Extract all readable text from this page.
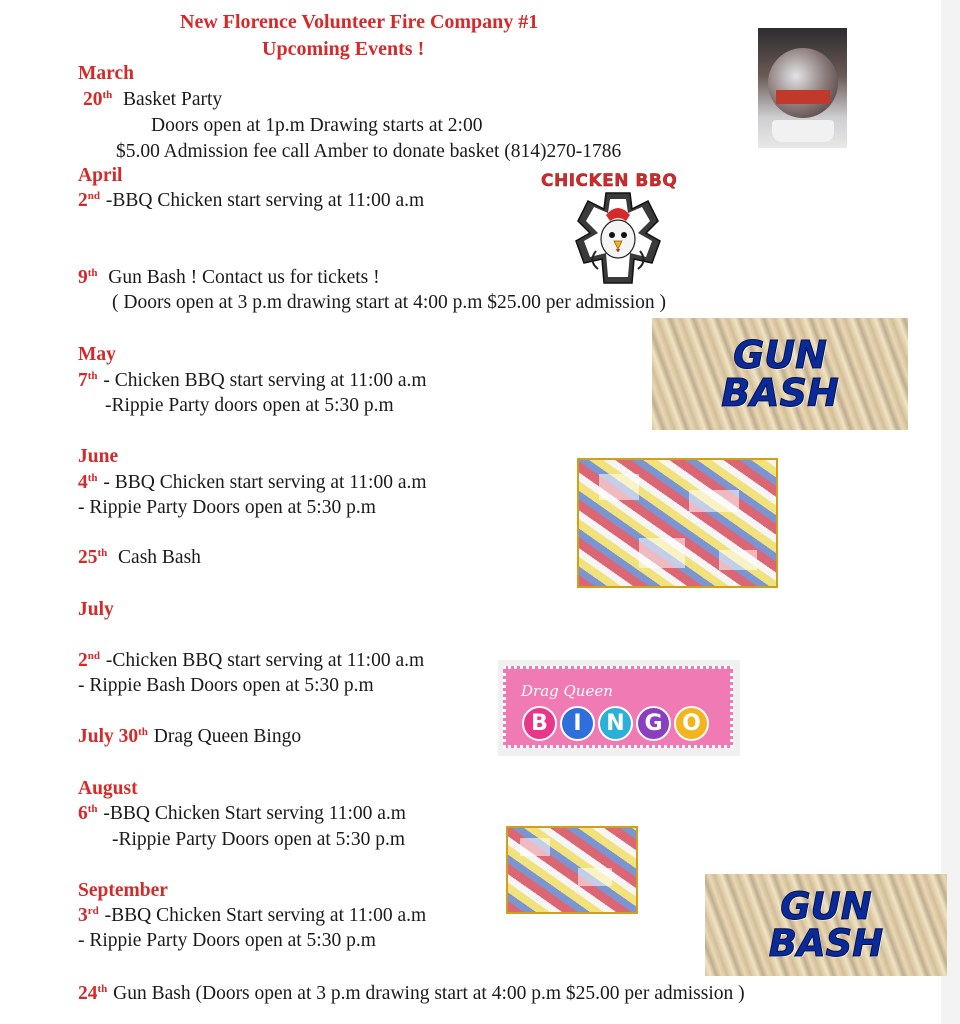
New Florence Volunteer Fire Company #1
Upcoming Events !
March
20th Basket Party
Doors open at 1p.m Drawing starts at 2:00
$5.00 Admission fee call Amber to donate basket (814)270-1786
April
2nd -BBQ Chicken start serving at 11:00 a.m
9th Gun Bash ! Contact us for tickets !
( Doors open at 3 p.m drawing start at 4:00 p.m $25.00 per admission )
May
7th - Chicken BBQ start serving at 11:00 a.m
-Rippie Party doors open at 5:30 p.m
June
4th - BBQ Chicken start serving at 11:00 a.m
- Rippie Party Doors open at 5:30 p.m
25th Cash Bash
July
2nd -Chicken BBQ start serving at 11:00 a.m
- Rippie Bash Doors open at 5:30 p.m
July 30th Drag Queen Bingo
August
6th -BBQ Chicken Start serving 11:00 a.m
-Rippie Party Doors open at 5:30 p.m
September
3rd -BBQ Chicken Start serving at 11:00 a.m
- Rippie Party Doors open at 5:30 p.m
24th Gun Bash (Doors open at 3 p.m drawing start at 4:00 p.m $25.00 per admission )
CHICKEN BBQ
GUN
BASH
Drag Queen
B	I	N G O
GUN
BASH
